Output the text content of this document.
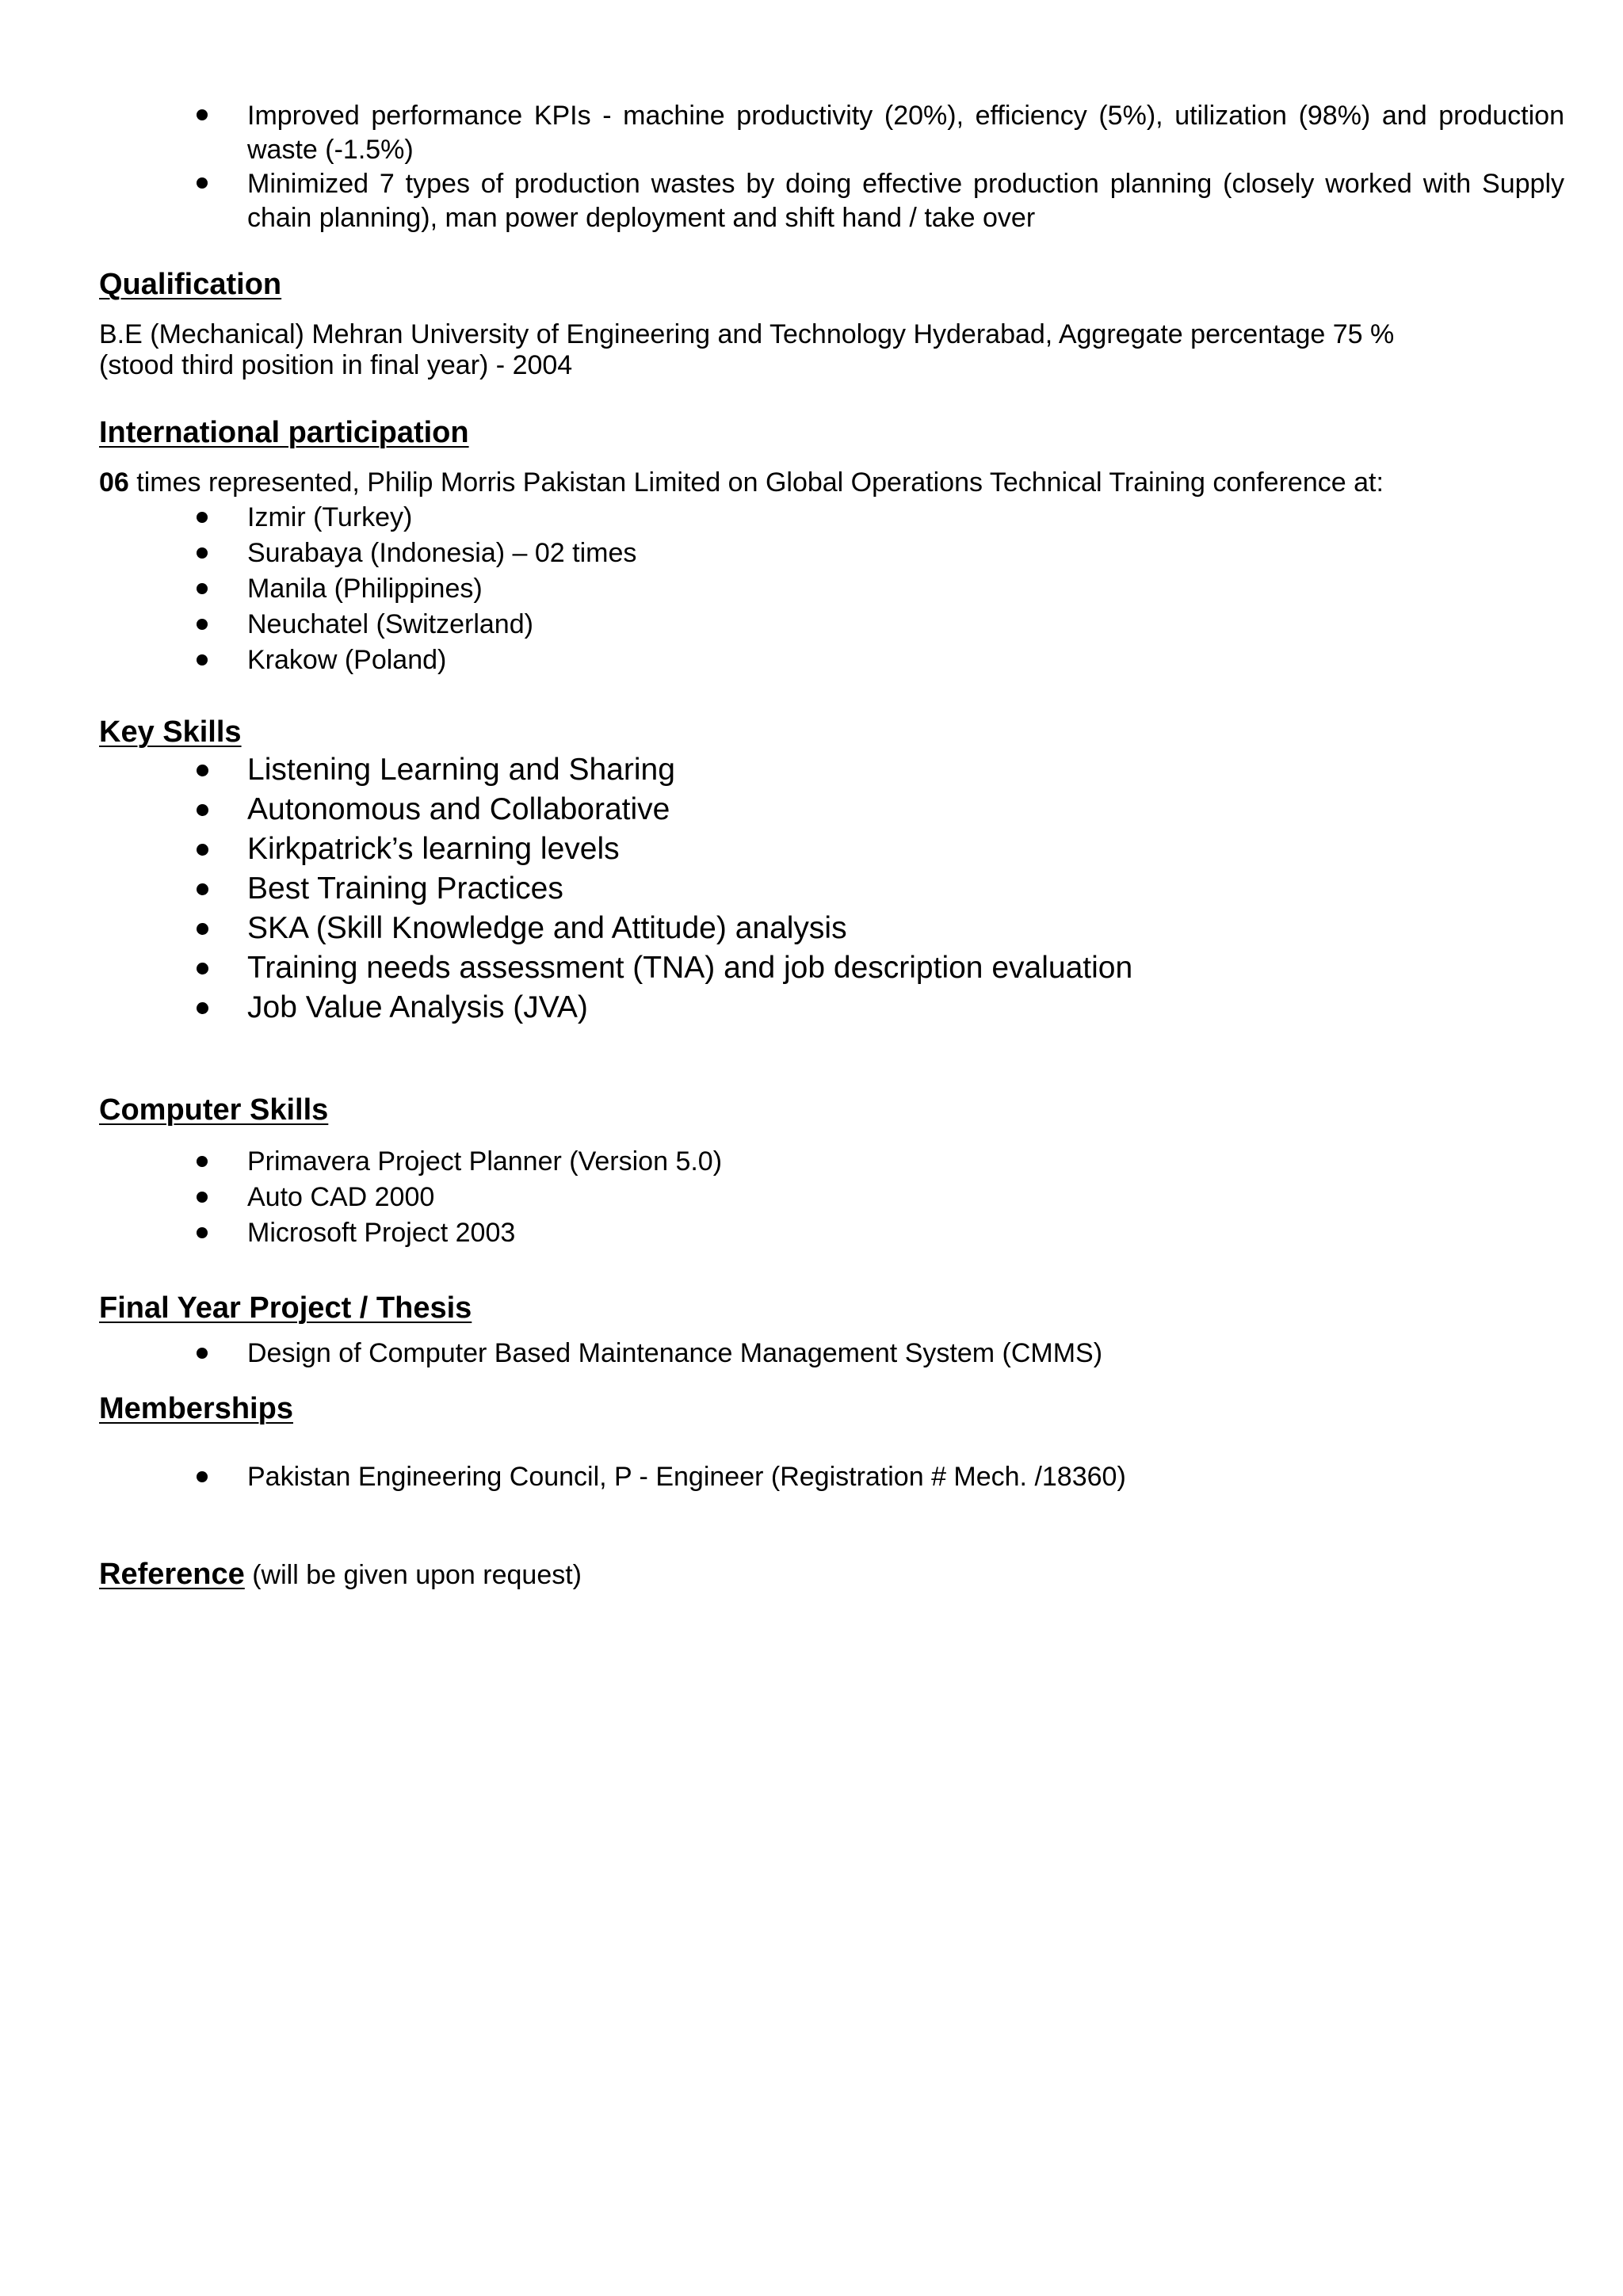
Improved performance KPIs - machine productivity (20%), efficiency (5%), utilization (98%) and production
waste (-1.5%)
Minimized 7 types of production wastes by doing effective production planning (closely worked with Supply
chain planning), man power deployment and shift hand / take over
Qualification
B.E (Mechanical) Mehran University of Engineering and Technology Hyderabad, Aggregate percentage 75 %
(stood third position in final year) - 2004
International participation
06 times represented, Philip Morris Pakistan Limited on Global Operations Technical Training conference at:
Izmir (Turkey)
Surabaya (Indonesia) – 02 times
Manila (Philippines)
Neuchatel (Switzerland)
Krakow (Poland)
Key Skills
Listening Learning and Sharing
Autonomous and Collaborative
Kirkpatrick’s learning levels
Best Training Practices
SKA (Skill Knowledge and Attitude) analysis
Training needs assessment (TNA) and job description evaluation
Job Value Analysis (JVA)
Computer Skills
Primavera Project Planner (Version 5.0)
Auto CAD 2000
Microsoft Project 2003
Final Year Project / Thesis
Design of Computer Based Maintenance Management System (CMMS)
Memberships
Pakistan Engineering Council, P - Engineer (Registration # Mech. /18360)
Reference (will be given upon request)
